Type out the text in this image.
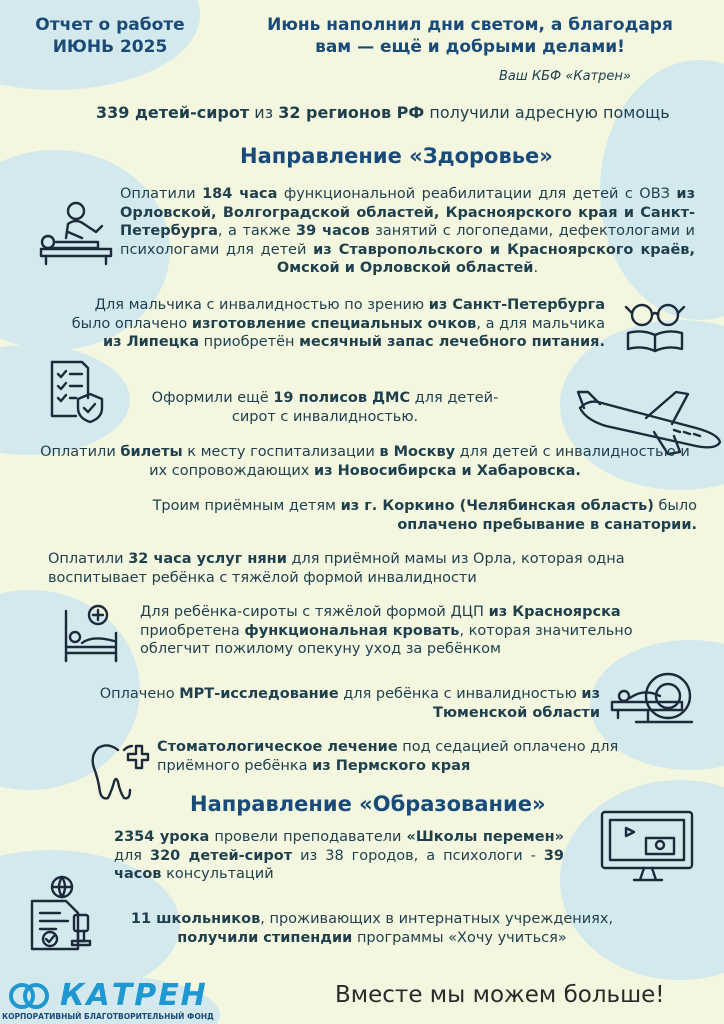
Отчет о работе
ИЮНЬ 2025

Июнь наполнил дни светом, а благодаря
вам — ещё и добрыми делами!

Ваш КБФ «Катрен»

339 детей-сирот из 32 регионов РФ получили адресную помощь

Направление «Здоровье»

Оплатили 184 часа функциональной реабилитации для детей с ОВЗ из Орловской, Волгоградской областей, Красноярского края и Санкт-Петербурга, а также 39 часов занятий с логопедами, дефектологами и психологами для детей из Ставропольского и Красноярского краёв, Омской и Орловской областей.

Для мальчика с инвалидностью по зрению из Санкт-Петербурга было оплачено изготовление специальных очков, а для мальчика из Липецка приобретён месячный запас лечебного питания.

Оформили ещё 19 полисов ДМС для детей-сирот с инвалидностью.

Оплатили билеты к месту госпитализации в Москву для детей с инвалидностью и их сопровождающих из Новосибирска и Хабаровска.

Троим приёмным детям из г. Коркино (Челябинская область) было оплачено пребывание в санатории.

Оплатили 32 часа услуг няни для приёмной мамы из Орла, которая одна воспитывает ребёнка с тяжёлой формой инвалидности

Для ребёнка-сироты с тяжёлой формой ДЦП из Красноярска приобретена функциональная кровать, которая значительно облегчит пожилому опекуну уход за ребёнком

Оплачено МРТ-исследование для ребёнка с инвалидностью из Тюменской области

Стоматологическое лечение под седацией оплачено для приёмного ребёнка из Пермского края

Направление «Образование»

2354 урока провели преподаватели «Школы перемен» для 320 детей-сирот из 38 городов, а психологи - 39 часов консультаций

11 школьников, проживающих в интернатных учреждениях, получили стипендии программы «Хочу учиться»

КАТРЕН
КОРПОРАТИВНЫЙ БЛАГОТВОРИТЕЛЬНЫЙ ФОНД
Вместе мы можем больше!
